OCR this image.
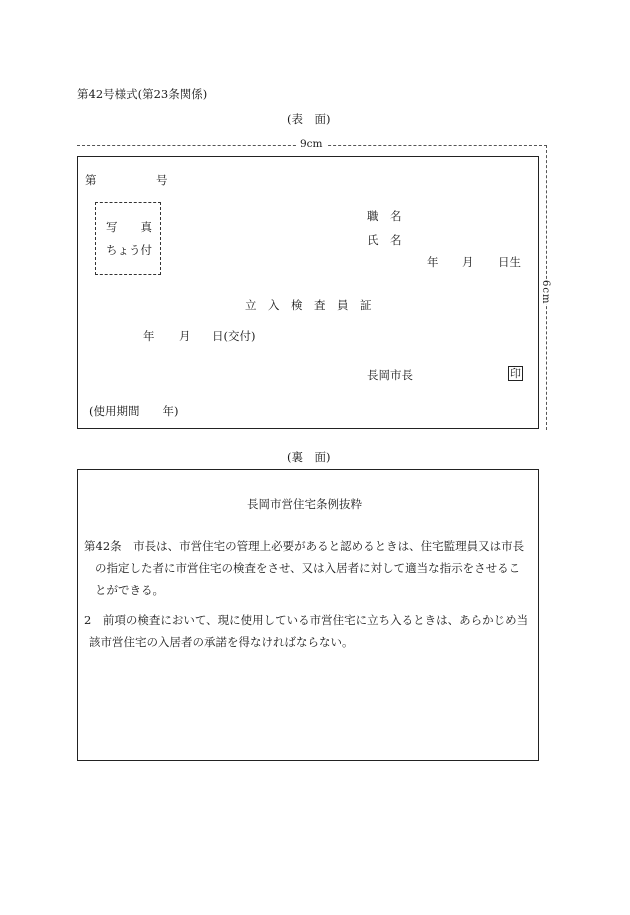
第42号様式(第23条関係)
(表　面)
9cm
6cm
第	号
写　　真
ちょう付
職　名
氏　名
年 月 日生
立　入　検　査　員　証
年 月 日(交付)
長岡市長	印
(使用期間　　年)
(裏　面)
長岡市営住宅条例抜粋
第42条　市長は、市営住宅の管理上必要があると認めるときは、住宅監理員又は市長
の指定した者に市営住宅の検査をさせ、又は入居者に対して適当な指示をさせるこ
とができる。
2　前項の検査において、現に使用している市営住宅に立ち入るときは、あらかじめ当
該市営住宅の入居者の承諾を得なければならない。
